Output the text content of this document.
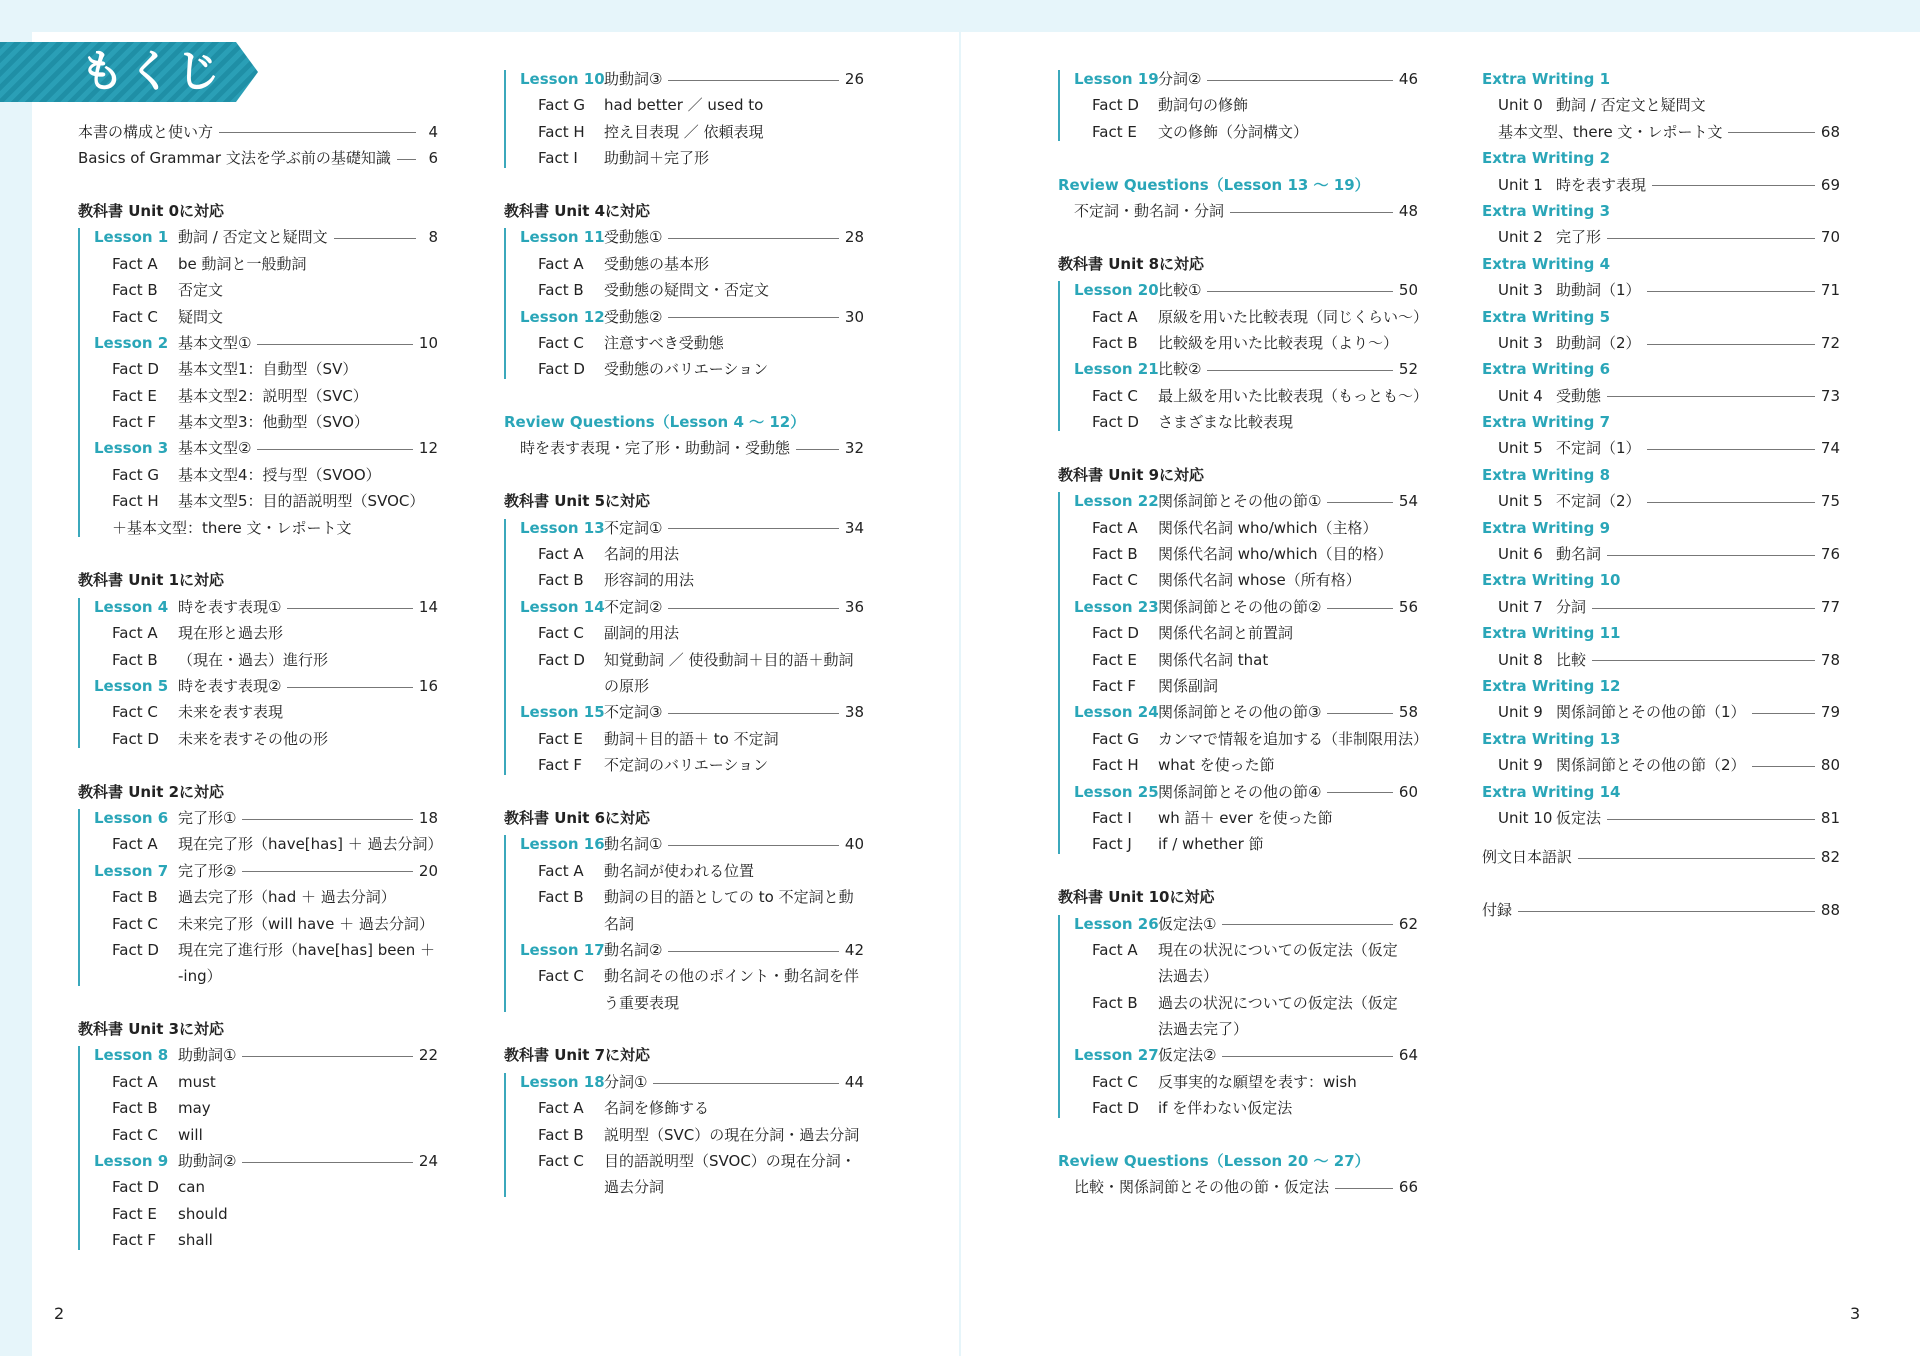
もくじ
本書の構成と使い方	4
Basics of Grammar 文法を学ぶ前の基礎知識	6
教科書 Unit 0に対応
Lesson 1 動詞 / 否定文と疑問文	8
Fact A be 動詞と一般動詞
Fact B 否定文
Fact C 疑問文
Lesson 2 基本文型①	10
Fact D 基本文型1：自動型（SV）
Fact E 基本文型2：説明型（SVC）
Fact F 基本文型3：他動型（SVO）
Lesson 3 基本文型②	12
Fact G 基本文型4：授与型（SVOO）
Fact H 基本文型5：目的語説明型（SVOC）
＋基本文型：there 文・レポート文
教科書 Unit 1に対応
Lesson 4 時を表す表現①	14
Fact A 現在形と過去形
Fact B （現在・過去）進行形
Lesson 5 時を表す表現②	16
Fact C 未来を表す表現
Fact D 未来を表すその他の形
教科書 Unit 2に対応
Lesson 6 完了形①	18
Fact A 現在完了形（have[has] ＋ 過去分詞）
Lesson 7 完了形②	20
Fact B 過去完了形（had ＋ 過去分詞）
Fact C 未来完了形（will have ＋ 過去分詞）
Fact D 現在完了進行形（have[has] been ＋
-ing）
教科書 Unit 3に対応
Lesson 8 助動詞①	22
Fact A must
Fact B may
Fact C will
Lesson 9 助動詞②	24
Fact D can
Fact E should
Fact F shall
Lesson 10 助動詞③	26
Fact G had better ／ used to
Fact H 控え目表現 ／ 依頼表現
Fact I 助動詞＋完了形
教科書 Unit 4に対応
Lesson 11 受動態①	28
Fact A 受動態の基本形
Fact B 受動態の疑問文・否定文
Lesson 12 受動態②	30
Fact C 注意すべき受動態
Fact D 受動態のバリエーション
Review Questions（Lesson 4 ～ 12）
時を表す表現・完了形・助動詞・受動態	32
教科書 Unit 5に対応
Lesson 13 不定詞①	34
Fact A 名詞的用法
Fact B 形容詞的用法
Lesson 14 不定詞②	36
Fact C 副詞的用法
Fact D 知覚動詞 ／ 使役動詞＋目的語＋動詞
の原形
Lesson 15 不定詞③	38
Fact E 動詞＋目的語＋ to 不定詞
Fact F 不定詞のバリエーション
教科書 Unit 6に対応
Lesson 16 動名詞①	40
Fact A 動名詞が使われる位置
Fact B 動詞の目的語としての to 不定詞と動
名詞
Lesson 17 動名詞②	42
Fact C 動名詞その他のポイント・動名詞を伴
う重要表現
教科書 Unit 7に対応
Lesson 18 分詞①	44
Fact A 名詞を修飾する
Fact B 説明型（SVC）の現在分詞・過去分詞
Fact C 目的語説明型（SVOC）の現在分詞・
過去分詞
Lesson 19 分詞②	46
Fact D 動詞句の修飾
Fact E 文の修飾（分詞構文）
Review Questions（Lesson 13 ～ 19）
不定詞・動名詞・分詞	48
教科書 Unit 8に対応
Lesson 20 比較①	50
Fact A 原級を用いた比較表現（同じくらい～）
Fact B 比較級を用いた比較表現（より～）
Lesson 21 比較②	52
Fact C 最上級を用いた比較表現（もっとも～）
Fact D さまざまな比較表現
教科書 Unit 9に対応
Lesson 22 関係詞節とその他の節①	54
Fact A 関係代名詞 who/which（主格）
Fact B 関係代名詞 who/which（目的格）
Fact C 関係代名詞 whose（所有格）
Lesson 23 関係詞節とその他の節②	56
Fact D 関係代名詞と前置詞
Fact E 関係代名詞 that
Fact F 関係副詞
Lesson 24 関係詞節とその他の節③	58
Fact G カンマで情報を追加する（非制限用法）
Fact H what を使った節
Lesson 25 関係詞節とその他の節④	60
Fact I wh 語＋ ever を使った節
Fact J if / whether 節
教科書 Unit 10に対応
Lesson 26 仮定法①	62
Fact A 現在の状況についての仮定法（仮定
法過去）
Fact B 過去の状況についての仮定法（仮定
法過去完了）
Lesson 27 仮定法②	64
Fact C 反事実的な願望を表す：wish
Fact D if を伴わない仮定法
Review Questions（Lesson 20 ～ 27）
比較・関係詞節とその他の節・仮定法	66
Extra Writing 1
Unit 0 動詞 / 否定文と疑問文
基本文型、there 文・レポート文	68
Extra Writing 2
Unit 1 時を表す表現	69
Extra Writing 3
Unit 2 完了形	70
Extra Writing 4
Unit 3 助動詞（1）	71
Extra Writing 5
Unit 3 助動詞（2）	72
Extra Writing 6
Unit 4 受動態	73
Extra Writing 7
Unit 5 不定詞（1）	74
Extra Writing 8
Unit 5 不定詞（2）	75
Extra Writing 9
Unit 6 動名詞	76
Extra Writing 10
Unit 7 分詞	77
Extra Writing 11
Unit 8 比較	78
Extra Writing 12
Unit 9 関係詞節とその他の節（1）	79
Extra Writing 13
Unit 9 関係詞節とその他の節（2）	80
Extra Writing 14
Unit 10 仮定法	81
例文日本語訳	82
付録	88
2	3
